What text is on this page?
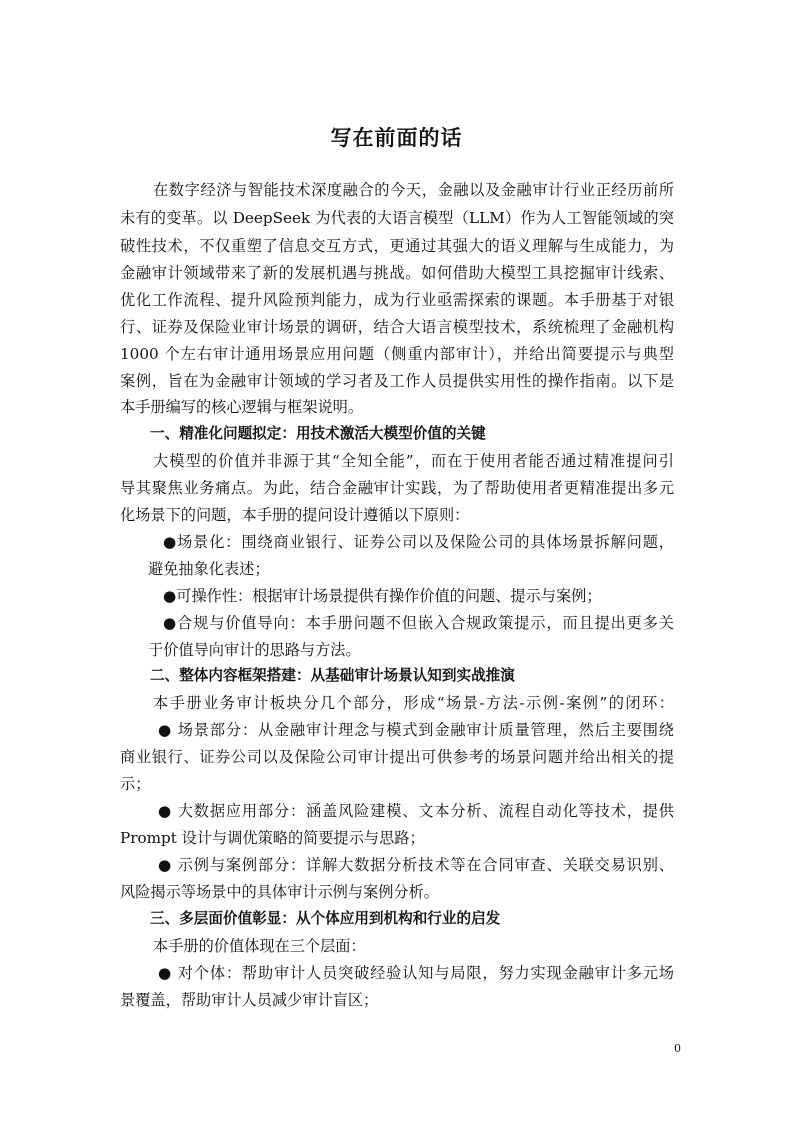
写在前面的话
在数字经济与智能技术深度融合的今天，金融以及金融审计行业正经历前所
未有的变革。以 DeepSeek 为代表的大语言模型（LLM）作为人工智能领域的突
破性技术，不仅重塑了信息交互方式，更通过其强大的语义理解与生成能力，为
金融审计领域带来了新的发展机遇与挑战。如何借助大模型工具挖掘审计线索、
优化工作流程、提升风险预判能力，成为行业亟需探索的课题。本手册基于对银
行、证券及保险业审计场景的调研，结合大语言模型技术，系统梳理了金融机构
1000 个左右审计通用场景应用问题（侧重内部审计），并给出简要提示与典型
案例，旨在为金融审计领域的学习者及工作人员提供实用性的操作指南。以下是
本手册编写的核心逻辑与框架说明。
一、精准化问题拟定：用技术激活大模型价值的关键
大模型的价值并非源于其“全知全能”，而在于使用者能否通过精准提问引
导其聚焦业务痛点。为此，结合金融审计实践，为了帮助使用者更精准提出多元
化场景下的问题，本手册的提问设计遵循以下原则：
●场景化：围绕商业银行、证券公司以及保险公司的具体场景拆解问题，
避免抽象化表述；
●可操作性：根据审计场景提供有操作价值的问题、提示与案例；
●合规与价值导向：本手册问题不但嵌入合规政策提示，而且提出更多关
于价值导向审计的思路与方法。
二、整体内容框架搭建：从基础审计场景认知到实战推演
本手册业务审计板块分几个部分，形成“场景-方法-示例-案例”的闭环：
● 场景部分：从金融审计理念与模式到金融审计质量管理，然后主要围绕
商业银行、证券公司以及保险公司审计提出可供参考的场景问题并给出相关的提
示；
● 大数据应用部分：涵盖风险建模、文本分析、流程自动化等技术，提供
Prompt 设计与调优策略的简要提示与思路；
● 示例与案例部分：详解大数据分析技术等在合同审查、关联交易识别、
风险揭示等场景中的具体审计示例与案例分析。
三、多层面价值彰显：从个体应用到机构和行业的启发
本手册的价值体现在三个层面：
● 对个体：帮助审计人员突破经验认知与局限，努力实现金融审计多元场
景覆盖，帮助审计人员减少审计盲区；
0
